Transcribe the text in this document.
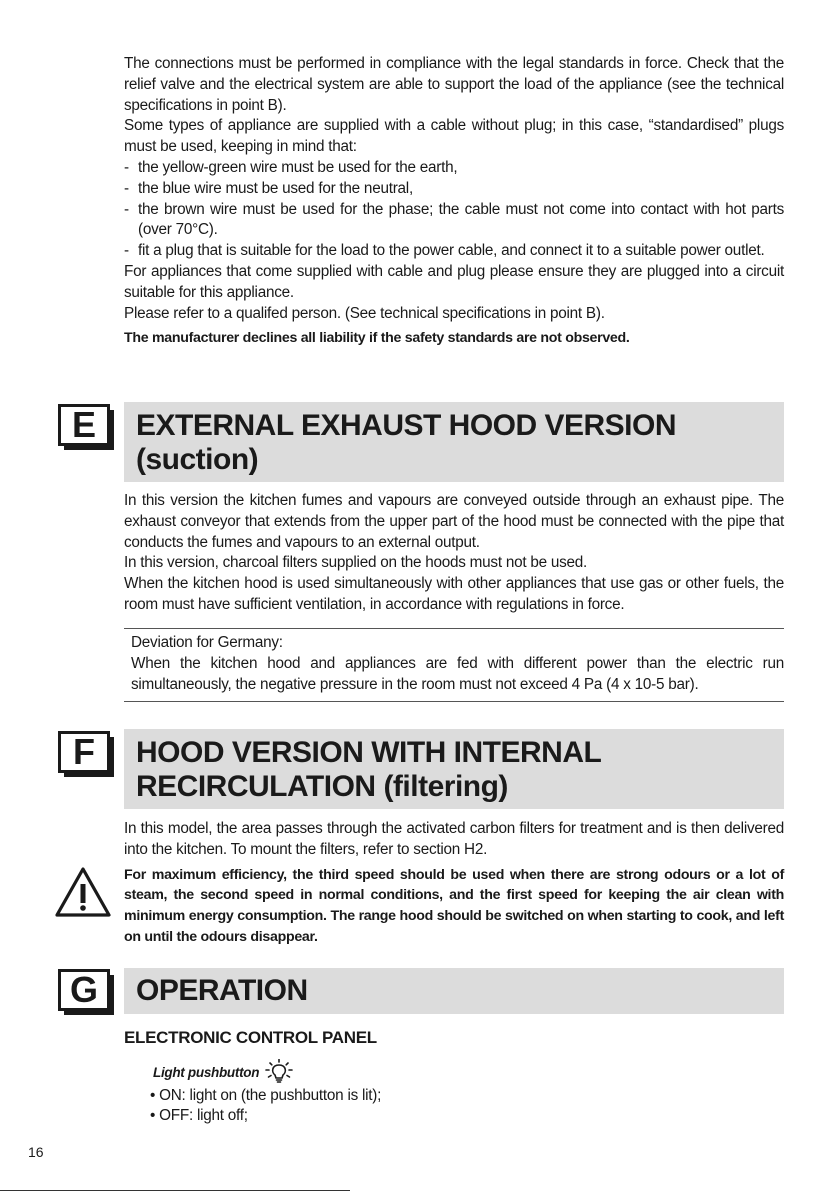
The connections must be performed in compliance with the legal standards in force. Check that the relief valve and the electrical system are able to support the load of the appliance (see the technical specifications in point B).

Some types of appliance are supplied with a cable without plug; in this case, “standardised” plugs must be used, keeping in mind that:

- the yellow-green wire must be used for the earth,

- the blue wire must be used for the neutral,

- the brown wire must be used for the phase; the cable must not come into contact with hot parts (over 70°C).

- fit a plug that is suitable for the load to the power cable, and connect it to a suitable power outlet.

For appliances that come supplied with cable and plug please ensure they are plugged into a circuit suitable for this appliance.

Please refer to a qualifed person. (See technical specifications in point B).

The manufacturer declines all liability if the safety standards are not observed.

E	EXTERNAL EXHAUST HOOD VERSION
(suction)

In this version the kitchen fumes and vapours are conveyed outside through an exhaust pipe. The exhaust conveyor that extends from the upper part of the hood must be connected with the pipe that conducts the fumes and vapours to an external output.

In this version, charcoal filters supplied on the hoods must not be used.

When the kitchen hood is used simultaneously with other appliances that use gas or other fuels, the room must have sufficient ventilation, in accordance with regulations in force.

Deviation for Germany:

When the kitchen hood and appliances are fed with different power than the electric run simultaneously, the negative pressure in the room must not exceed 4 Pa (4 x 10-5 bar).

F	HOOD VERSION WITH INTERNAL
RECIRCULATION (filtering)

In this model, the area passes through the activated carbon filters for treatment and is then delivered into the kitchen. To mount the filters, refer to section H2.

For maximum efficiency, the third speed should be used when there are strong odours or a lot of steam, the second speed in normal conditions, and the first speed for keeping the air clean with minimum energy consumption. The range hood should be switched on when starting to cook, and left on until the odours disappear.

G	OPERATION
ELECTRONIC CONTROL PANEL
Light pushbutton
• ON: light on (the pushbutton is lit);
• OFF: light off;
16
